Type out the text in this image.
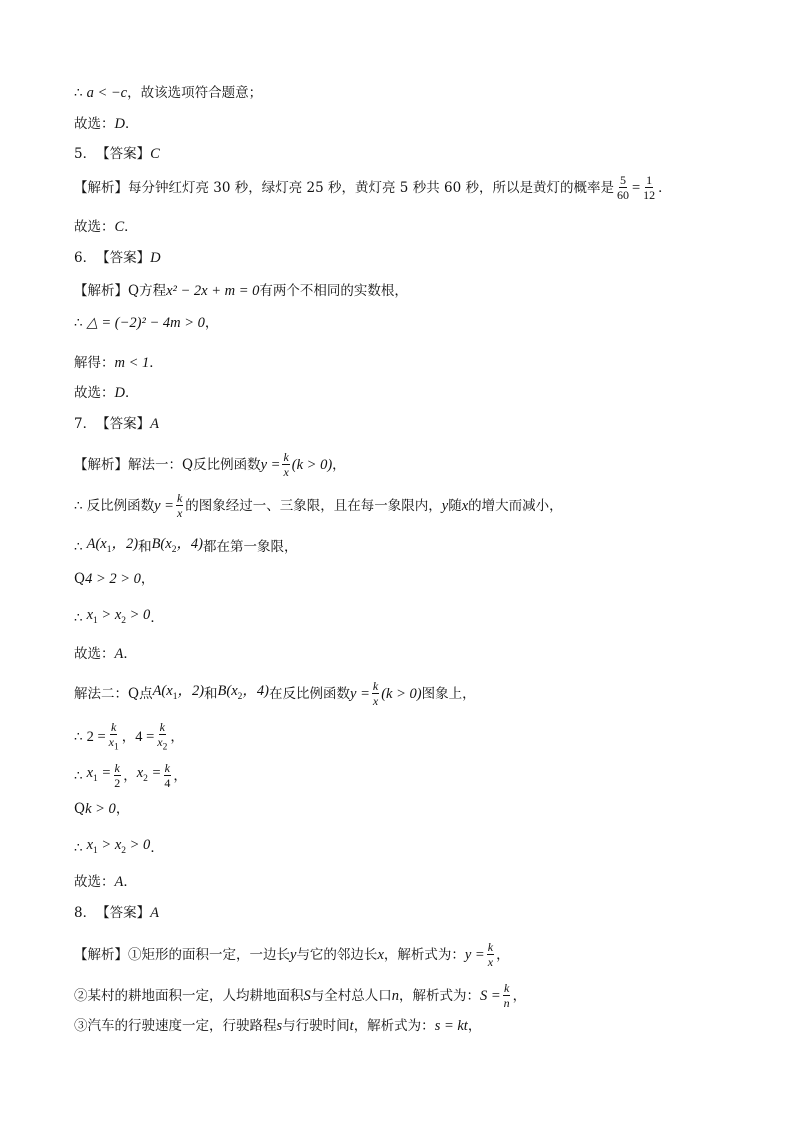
∴ a < −c ，故该选项符合题意；
故选： D ．
5． 【答案】 C
【解析】 每分钟红灯亮 30 秒，绿灯亮 25 秒，黄灯亮 5 秒共 60 秒，所以是黄灯的概率是 $\frac{5}{60} = \frac{1}{12}$ ．
故选： C ．
6． 【答案】 D
【解析】 Q 方程 x² − 2x + m = 0 有两个不相同的实数根，
∴ △ = (−2)² − 4m > 0 ，
解得： m < 1 ．
故选： D ．
7． 【答案】 A
【解析】 解法一： Q 反比例函数 $y = \frac{k}{x} (k > 0)$ ，
∴ 反比例函数 $y = \frac{k}{x}$ 的图象经过一、三象限，且在每一象限内， y 随 x 的增大而减小，
∴ $A(x_1$，2) 和 $B(x_2$，4) 都在第一象限，
Q 4 > 2 > 0 ，
∴ $x_1 > x_2 > 0$ ．
故选： A ．
解法二： Q 点 $A(x_1$，2) 和 $B(x_2$，4) 在反比例函数 $y = \frac{k}{x} (k > 0)$ 图象上，
∴ $2 = \frac{k}{x_1}$ ， $4 = \frac{k}{x_2}$ ，
∴ $x_1 = \frac{k}{2}$ ， $x_2 = \frac{k}{4}$ ，
Q k > 0 ，
∴ $x_1 > x_2 > 0$ ．
故选： A ．
8． 【答案】 A
【解析】 ①矩形的面积一定，一边长 y 与它的邻边长 x ，解析式为： $y = \frac{k}{x}$ ，
②某村的耕地面积一定，人均耕地面积 S 与全村总人口 n ，解析式为： $S = \frac{k}{n}$ ，
③汽车的行驶速度一定，行驶路程 s 与行驶时间 t ，解析式为： s = kt ，
